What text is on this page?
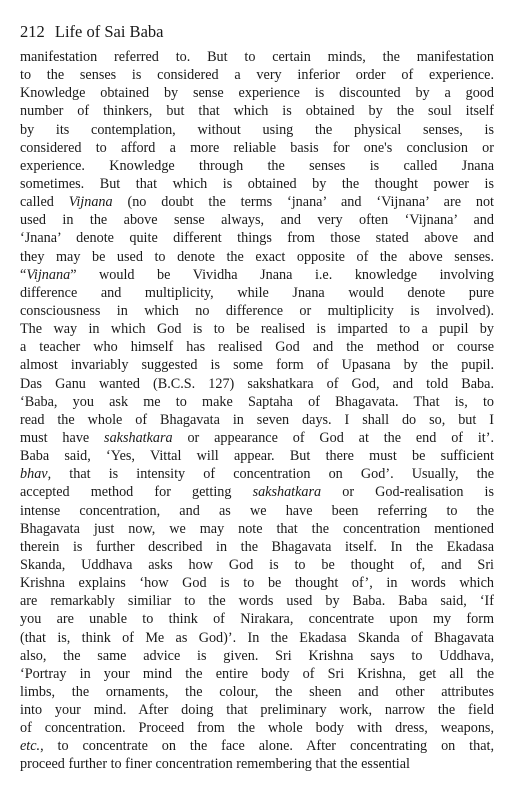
212 Life of Sai Baba
manifestation referred to. But to certain minds, the manifestation
to the senses is considered a very inferior order of experience.
Knowledge obtained by sense experience is discounted by a good
number of thinkers, but that which is obtained by the soul itself
by its contemplation, without using the physical senses, is
considered to afford a more reliable basis for one's conclusion or
experience. Knowledge through the senses is called Jnana
sometimes. But that which is obtained by the thought power is
called Vijnana (no doubt the terms ‘jnana’ and ‘Vijnana’ are not
used in the above sense always, and very often ‘Vijnana’ and
‘Jnana’ denote quite different things from those stated above and
they may be used to denote the exact opposite of the above senses.
“Vijnana” would be Vividha Jnana i.e. knowledge involving
difference and multiplicity, while Jnana would denote pure
consciousness in which no difference or multiplicity is involved).
The way in which God is to be realised is imparted to a pupil by
a teacher who himself has realised God and the method or course
almost invariably suggested is some form of Upasana by the pupil.
Das Ganu wanted (B.C.S. 127) sakshatkara of God, and told Baba.
‘Baba, you ask me to make Saptaha of Bhagavata. That is, to
read the whole of Bhagavata in seven days. I shall do so, but I
must have sakshatkara or appearance of God at the end of it’.
Baba said, ‘Yes, Vittal will appear. But there must be sufficient
bhav, that is intensity of concentration on God’. Usually, the
accepted method for getting sakshatkara or God-realisation is
intense concentration, and as we have been referring to the
Bhagavata just now, we may note that the concentration mentioned
therein is further described in the Bhagavata itself. In the Ekadasa
Skanda, Uddhava asks how God is to be thought of, and Sri
Krishna explains ‘how God is to be thought of’, in words which
are remarkably similiar to the words used by Baba. Baba said, ‘If
you are unable to think of Nirakara, concentrate upon my form
(that is, think of Me as God)’. In the Ekadasa Skanda of Bhagavata
also, the same advice is given. Sri Krishna says to Uddhava,
‘Portray in your mind the entire body of Sri Krishna, get all the
limbs, the ornaments, the colour, the sheen and other attributes
into your mind. After doing that preliminary work, narrow the field
of concentration. Proceed from the whole body with dress, weapons,
etc., to concentrate on the face alone. After concentrating on that,
proceed further to finer concentration remembering that the essential
